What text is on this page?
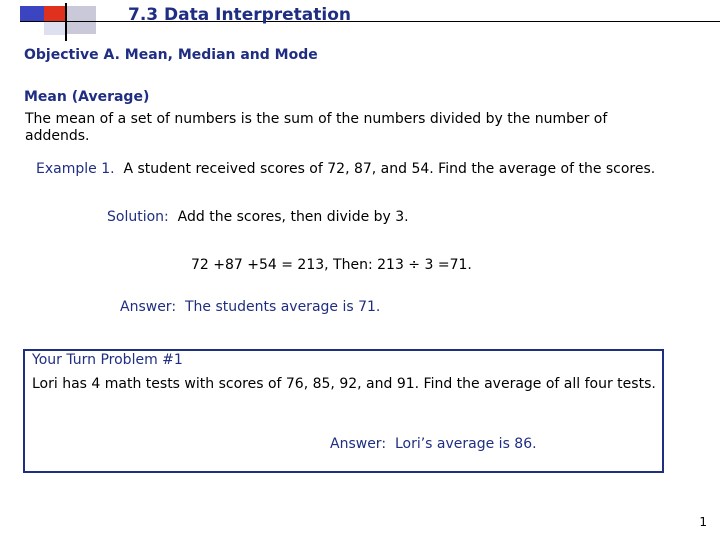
7.3 Data Interpretation
Objective A. Mean, Median and Mode
Mean (Average)
The mean of a set of numbers is the sum of the numbers divided by the number of addends.
Example 1. A student received scores of 72, 87, and 54. Find the average of the scores.
Solution: Add the scores, then divide by 3.
72 +87 +54 = 213, Then: 213 ÷ 3 =71.
Answer: The students average is 71.
Your Turn Problem #1
Lori has 4 math tests with scores of 76, 85, 92, and 91. Find the average of all four tests.
Answer: Lori’s average is 86.
1
